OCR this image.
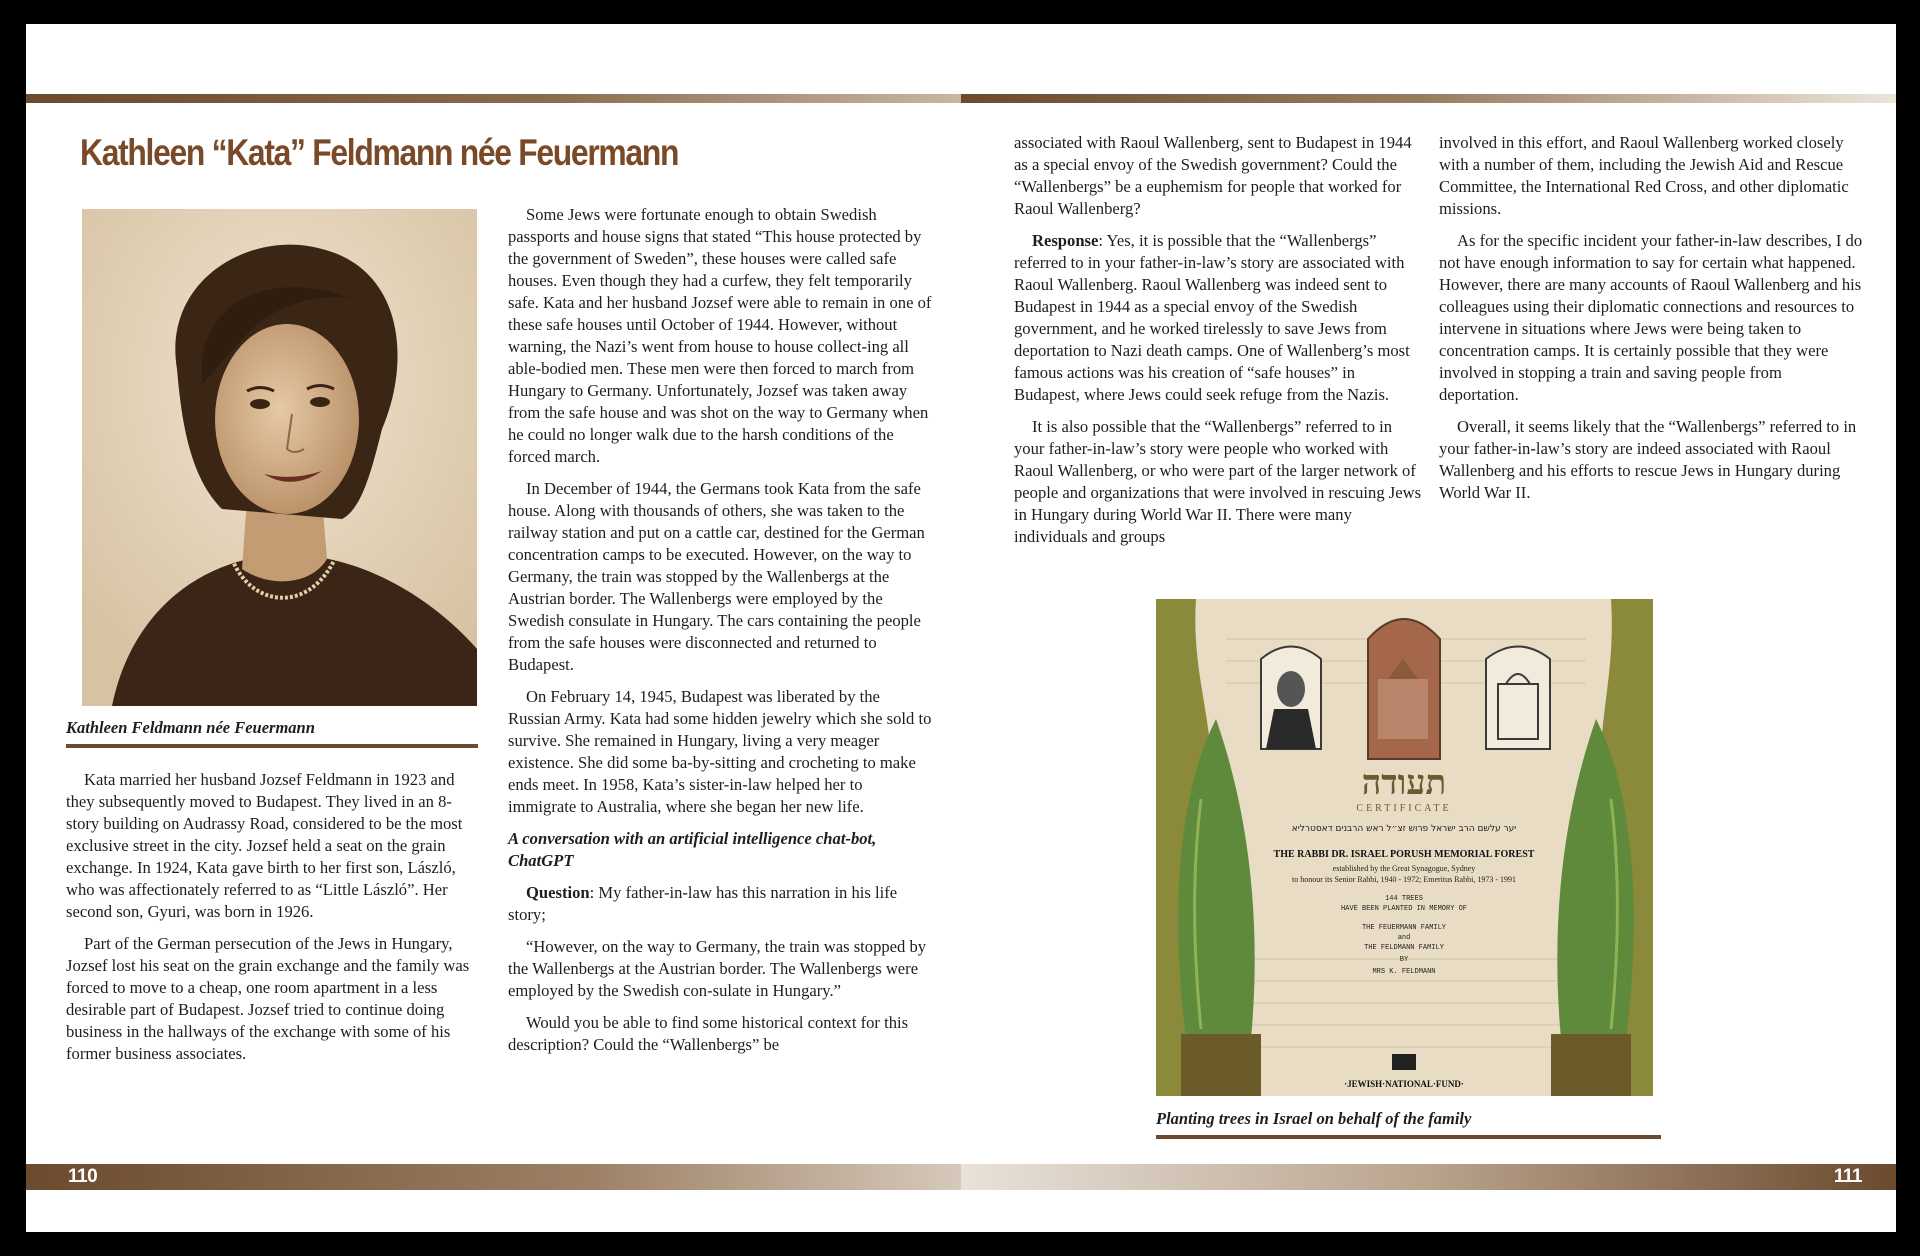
Kathleen “Kata” Feldmann née Feuermann
Kathleen Feldmann née Feuermann

Kata married her husband Jozsef Feldmann in 1923 and they subsequently moved to Budapest. They lived in an 8-story building on Audrassy Road, considered to be the most exclusive street in the city. Jozsef held a seat on the grain exchange. In 1924, Kata gave birth to her first son, László, who was affectionately referred to as “Little László”. Her second son, Gyuri, was born in 1926.

Part of the German persecution of the Jews in Hungary, Jozsef lost his seat on the grain exchange and the family was forced to move to a cheap, one room apartment in a less desirable part of Budapest. Jozsef tried to continue doing business in the hallways of the exchange with some of his former business associates.

Some Jews were fortunate enough to obtain Swedish passports and house signs that stated “This house protected by the government of Sweden”, these houses were called safe houses. Even though they had a curfew, they felt temporarily safe. Kata and her husband Jozsef were able to remain in one of these safe houses until October of 1944. However, without warning, the Nazi’s went from house to house collect-ing all able-bodied men. These men were then forced to march from Hungary to Germany. Unfortunately, Jozsef was taken away from the safe house and was shot on the way to Germany when he could no longer walk due to the harsh conditions of the forced march.

In December of 1944, the Germans took Kata from the safe house. Along with thousands of others, she was taken to the railway station and put on a cattle car, destined for the German concentration camps to be executed. However, on the way to Germany, the train was stopped by the Wallenbergs at the Austrian border. The Wallenbergs were employed by the Swedish consulate in Hungary. The cars containing the people from the safe houses were disconnected and returned to Budapest.

On February 14, 1945, Budapest was liberated by the Russian Army. Kata had some hidden jewelry which she sold to survive. She remained in Hungary, living a very meager existence. She did some ba-by-sitting and crocheting to make ends meet. In 1958, Kata’s sister-in-law helped her to immigrate to Australia, where she began her new life.

A conversation with an artificial intelligence chat-bot, ChatGPT

Question: My father-in-law has this narration in his life story;

“However, on the way to Germany, the train was stopped by the Wallenbergs at the Austrian border. The Wallenbergs were employed by the Swedish con-sulate in Hungary.”

Would you be able to find some historical context for this description? Could the “Wallenbergs” be

110

associated with Raoul Wallenberg, sent to Budapest in 1944 as a special envoy of the Swedish government? Could the “Wallenbergs” be a euphemism for people that worked for Raoul Wallenberg?

Response: Yes, it is possible that the “Wallenbergs” referred to in your father-in-law’s story are associated with Raoul Wallenberg. Raoul Wallenberg was indeed sent to Budapest in 1944 as a special envoy of the Swedish government, and he worked tirelessly to save Jews from deportation to Nazi death camps. One of Wallenberg’s most famous actions was his creation of “safe houses” in Budapest, where Jews could seek refuge from the Nazis.

It is also possible that the “Wallenbergs” referred to in your father-in-law’s story were people who worked with Raoul Wallenberg, or who were part of the larger network of people and organizations that were involved in rescuing Jews in Hungary during World War II. There were many individuals and groups

involved in this effort, and Raoul Wallenberg worked closely with a number of them, including the Jewish Aid and Rescue Committee, the International Red Cross, and other diplomatic missions.

As for the specific incident your father-in-law describes, I do not have enough information to say for certain what happened. However, there are many accounts of Raoul Wallenberg and his colleagues using their diplomatic connections and resources to intervene in situations where Jews were being taken to concentration camps. It is certainly possible that they were involved in stopping a train and saving people from deportation.

Overall, it seems likely that the “Wallenbergs” referred to in your father-in-law’s story are indeed associated with Raoul Wallenberg and his efforts to rescue Jews in Hungary during World War II.

תעודה
CERTIFICATE
יער עלשם הרב ישראל פרוש זצ״ל ראש הרבנים דאסטרליא
THE RABBI DR. ISRAEL PORUSH MEMORIAL FOREST
established by the Great Synagogue, Sydney
to honour its Senior Rabbi, 1940 - 1972; Emeritus Rabbi, 1973 - 1991
144 TREES
HAVE BEEN PLANTED IN MEMORY OF
THE FEUERMANN FAMILY
and
THE FELDMANN FAMILY
BY
MRS K. FELDMANN
·JEWISH·NATIONAL·FUND·
Planting trees in Israel on behalf of the family
111
